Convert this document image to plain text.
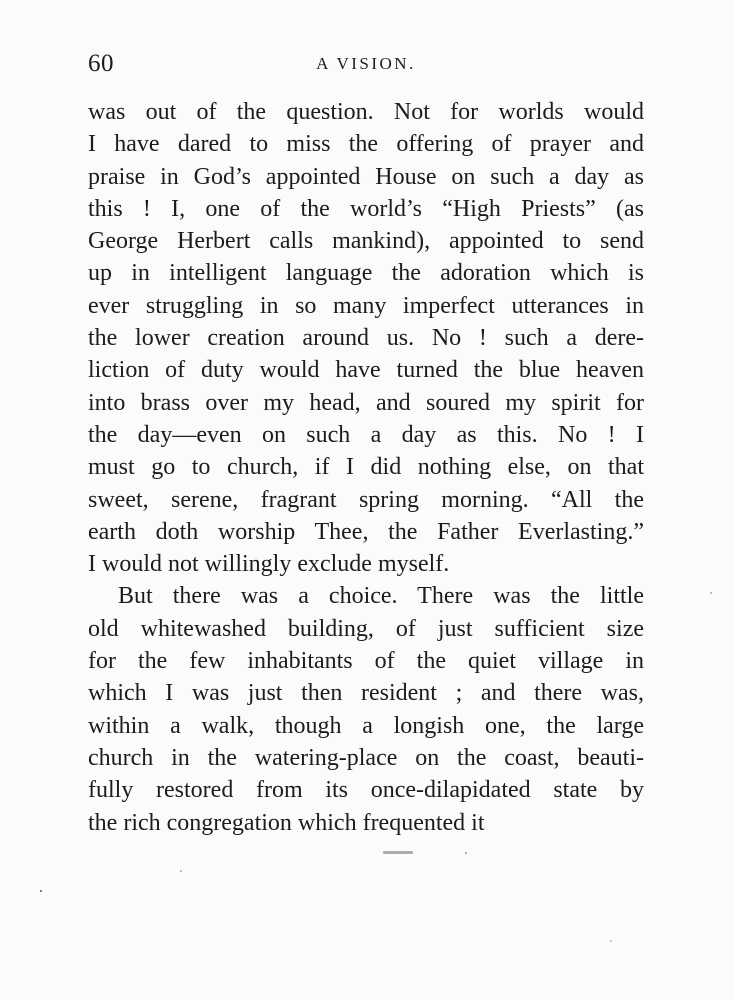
60	A VISION.
was out of the question. Not for worlds would
I have dared to miss the offering of prayer and
praise in God’s appointed House on such a day as
this ! I, one of the world’s “High Priests” (as
George Herbert calls mankind), appointed to send
up in intelligent language the adoration which is
ever struggling in so many imperfect utterances in
the lower creation around us. No ! such a dere-
liction of duty would have turned the blue heaven
into brass over my head, and soured my spirit for
the day—even on such a day as this. No ! I
must go to church, if I did nothing else, on that
sweet, serene, fragrant spring morning. “All the
earth doth worship Thee, the Father Everlasting.”
I would not willingly exclude myself.
But there was a choice. There was the little
old whitewashed building, of just sufficient size
for the few inhabitants of the quiet village in
which I was just then resident ; and there was,
within a walk, though a longish one, the large
church in the watering-place on the coast, beauti-
fully restored from its once-dilapidated state by
the rich congregation which frequented it
